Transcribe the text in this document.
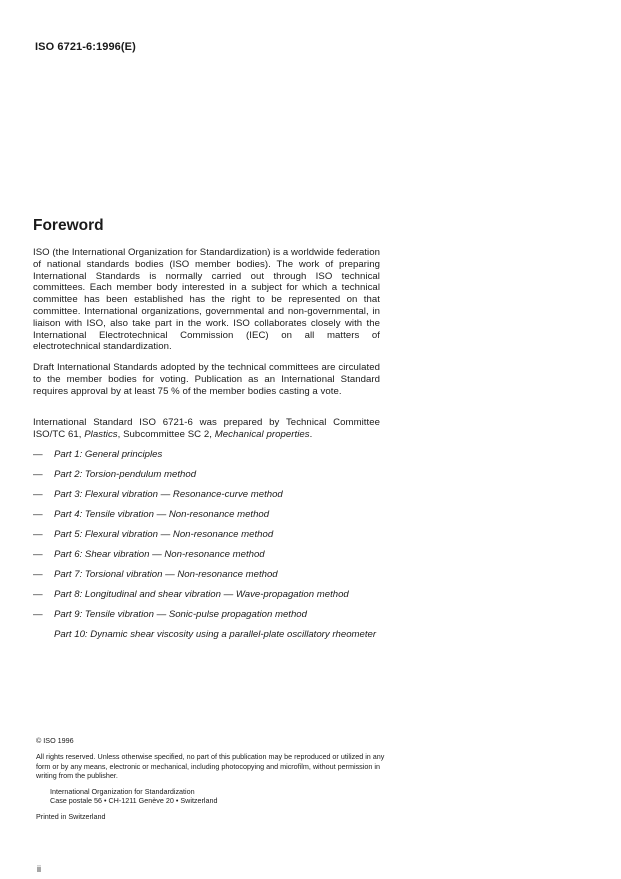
ISO 6721-6:1996(E)
Foreword
ISO (the International Organization for Standardization) is a worldwide federation of national standards bodies (ISO member bodies). The work of preparing International Standards is normally carried out through ISO technical committees. Each member body interested in a subject for which a technical committee has been established has the right to be represented on that committee. International organizations, governmental and non-governmental, in liaison with ISO, also take part in the work. ISO collaborates closely with the International Electrotechnical Commission (IEC) on all matters of electrotechnical standardization.
Draft International Standards adopted by the technical committees are circulated to the member bodies for voting. Publication as an International Standard requires approval by at least 75 % of the member bodies casting a vote.
International Standard ISO 6721-6 was prepared by Technical Committee ISO/TC 61, Plastics, Subcommittee SC 2, Mechanical properties.
—	Part 1: General principles
—	Part 2: Torsion-pendulum method
—	Part 3: Flexural vibration — Resonance-curve method
—	Part 4: Tensile vibration — Non-resonance method
—	Part 5: Flexural vibration — Non-resonance method
—	Part 6: Shear vibration — Non-resonance method
—	Part 7: Torsional vibration — Non-resonance method
—	Part 8: Longitudinal and shear vibration — Wave-propagation method
—	Part 9: Tensile vibration — Sonic-pulse propagation method
Part 10: Dynamic shear viscosity using a parallel-plate oscillatory rheometer
© ISO 1996
All rights reserved. Unless otherwise specified, no part of this publication may be reproduced or utilized in any form or by any means, electronic or mechanical, including photocopying and microfilm, without permission in writing from the publisher.
International Organization for Standardization
Case postale 56 • CH-1211 Genève 20 • Switzerland
Printed in Switzerland
ii
